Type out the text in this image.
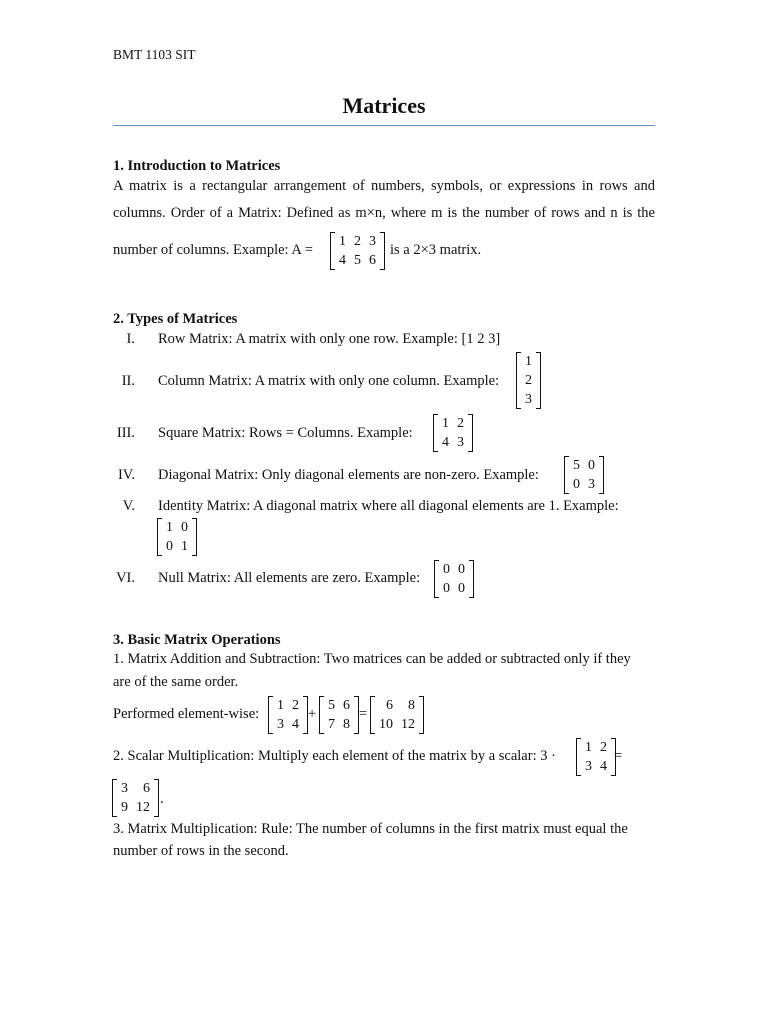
BMT 1103 SIT
Matrices
1. Introduction to Matrices
A matrix is a rectangular arrangement of numbers, symbols, or expressions in rows and
columns. Order of a Matrix: Defined as m×n, where m is the number of rows and n is the
number of columns. Example: A =
1	2	3
4	5	6
is a 2×3 matrix.
2. Types of Matrices
I. Row Matrix: A matrix with only one row. Example: [1 2 3]
II. Column Matrix: A matrix with only one column. Example:
1
2
3
III. Square Matrix: Rows = Columns. Example:
1	2
4	3
IV. Diagonal Matrix: Only diagonal elements are non-zero. Example:
5	0
0	3
V. Identity Matrix: A diagonal matrix where all diagonal elements are 1. Example:
1	0
0	1
VI. Null Matrix: All elements are zero. Example:
0	0
0	0
3. Basic Matrix Operations
1. Matrix Addition and Subtraction: Two matrices can be added or subtracted only if they
are of the same order.
Performed element-wise:
1	2
3	4
+
5	6
7	8
=
6	8
10	12
2. Scalar Multiplication: Multiply each element of the matrix by a scalar: 3 ·
1	2
3	4
=
3	6
9	12
.
3. Matrix Multiplication: Rule: The number of columns in the first matrix must equal the
number of rows in the second.
